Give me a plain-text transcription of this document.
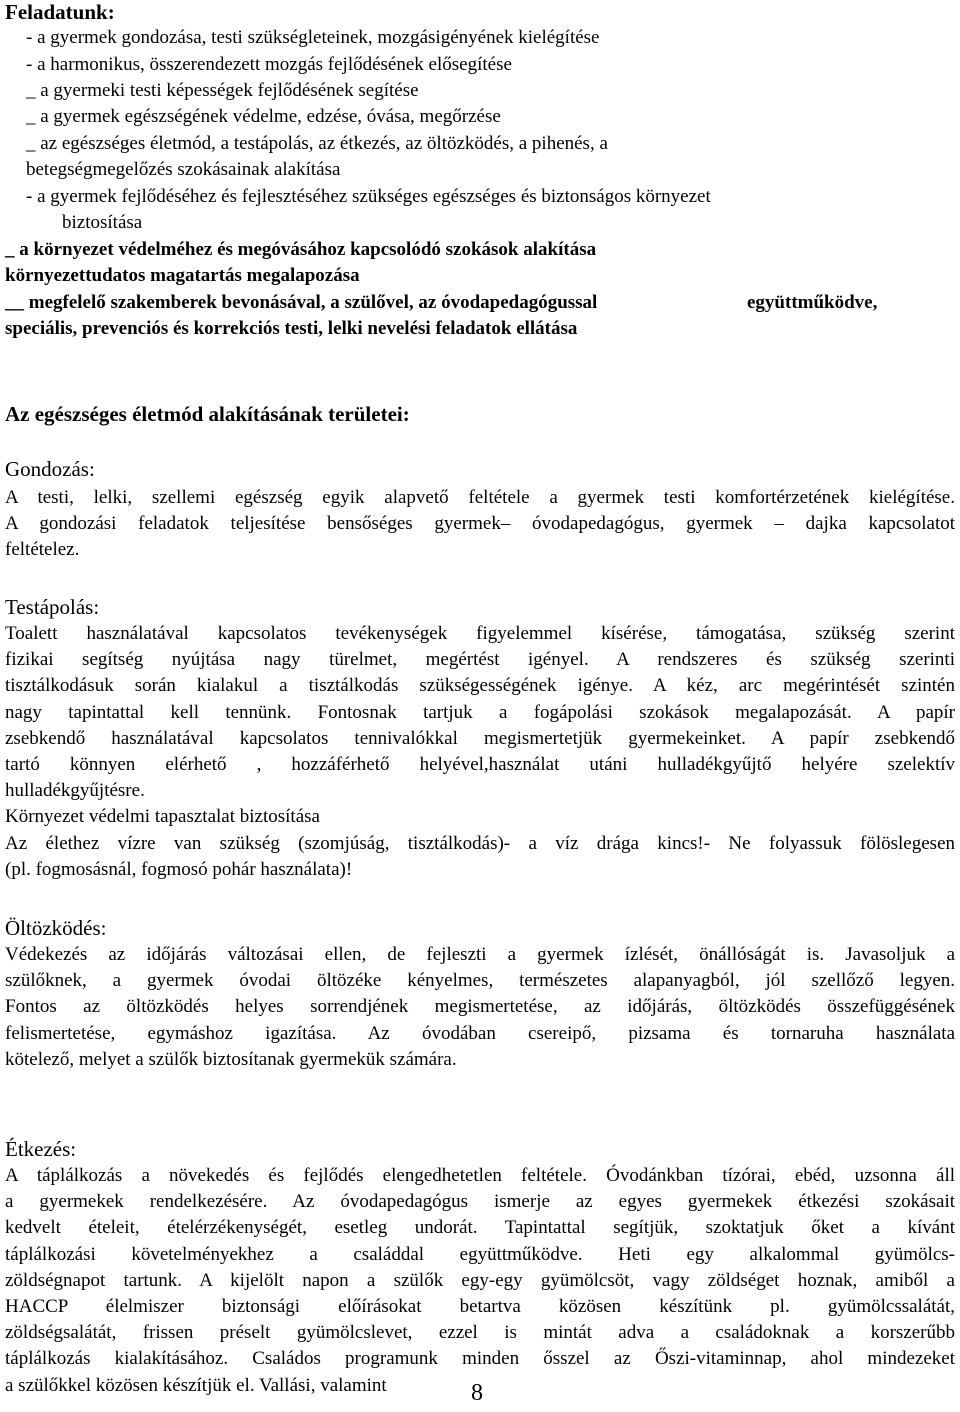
Feladatunk:
- a gyermek gondozása, testi szükségleteinek, mozgásigényének kielégítése
- a harmonikus, összerendezett mozgás fejlődésének elősegítése
_ a gyermeki testi képességek fejlődésének segítése
_ a gyermek egészségének védelme, edzése, óvása, megőrzése
_ az egészséges életmód, a testápolás, az étkezés, az öltözködés, a pihenés, a
betegségmegelőzés szokásainak alakítása
- a gyermek fejlődéséhez és fejlesztéséhez szükséges egészséges és biztonságos környezet
biztosítása
_ a környezet védelméhez és megóvásához kapcsolódó szokások alakítása
környezettudatos magatartás megalapozása
__ megfelelő szakemberek bevonásával, a szülővel, az óvodapedagógussal	együttműködve,
speciális, prevenciós és korrekciós testi, lelki nevelési feladatok ellátása
Az egészséges életmód alakításának területei:
Gondozás:
A testi, lelki, szellemi egészség egyik alapvető feltétele a gyermek testi komfortérzetének kielégítése.
A gondozási feladatok teljesítése bensőséges gyermek– óvodapedagógus, gyermek – dajka kapcsolatot
feltételez.
Testápolás:
Toalett használatával kapcsolatos tevékenységek figyelemmel kísérése, támogatása, szükség szerint
fizikai segítség nyújtása nagy türelmet, megértést igényel. A rendszeres és szükség szerinti
tisztálkodásuk során kialakul a tisztálkodás szükségességének igénye. A kéz, arc megérintését szintén
nagy tapintattal kell tennünk. Fontosnak tartjuk a fogápolási szokások megalapozását. A papír
zsebkendő használatával kapcsolatos tennivalókkal megismertetjük gyermekeinket. A papír zsebkendő
tartó könnyen elérhető , hozzáférhető helyével,használat utáni hulladékgyűjtő helyére szelektív
hulladékgyűjtésre.
Környezet védelmi tapasztalat biztosítása
Az élethez vízre van szükség (szomjúság, tisztálkodás)- a víz drága kincs!- Ne folyassuk fölöslegesen
(pl. fogmosásnál, fogmosó pohár használata)!
Öltözködés:
Védekezés az időjárás változásai ellen, de fejleszti a gyermek ízlését, önállóságát is. Javasoljuk a
szülőknek, a gyermek óvodai öltözéke kényelmes, természetes alapanyagból, jól szellőző legyen.
Fontos az öltözködés helyes sorrendjének megismertetése, az időjárás, öltözködés összefüggésének
felismertetése, egymáshoz igazítása. Az óvodában csereipő, pizsama és tornaruha használata
kötelező, melyet a szülők biztosítanak gyermekük számára.
Étkezés:
A táplálkozás a növekedés és fejlődés elengedhetetlen feltétele. Óvodánkban tízórai, ebéd, uzsonna áll
a gyermekek rendelkezésére. Az óvodapedagógus ismerje az egyes gyermekek étkezési szokásait
kedvelt ételeit, ételérzékenységét, esetleg undorát. Tapintattal segítjük, szoktatjuk őket a kívánt
táplálkozási követelményekhez a családdal együttműködve. Heti egy alkalommal gyümölcs-
zöldségnapot tartunk. A kijelölt napon a szülők egy-egy gyümölcsöt, vagy zöldséget hoznak, amiből a
HACCP élelmiszer biztonsági előírásokat betartva közösen készítünk pl. gyümölcssalátát,
zöldségsalátát, frissen préselt gyümölcslevet, ezzel is mintát adva a családoknak a korszerűbb
táplálkozás kialakításához. Családos programunk minden ősszel az Őszi-vitaminnap, ahol mindezeket
a szülőkkel közösen készítjük el. Vallási, valamint	8
